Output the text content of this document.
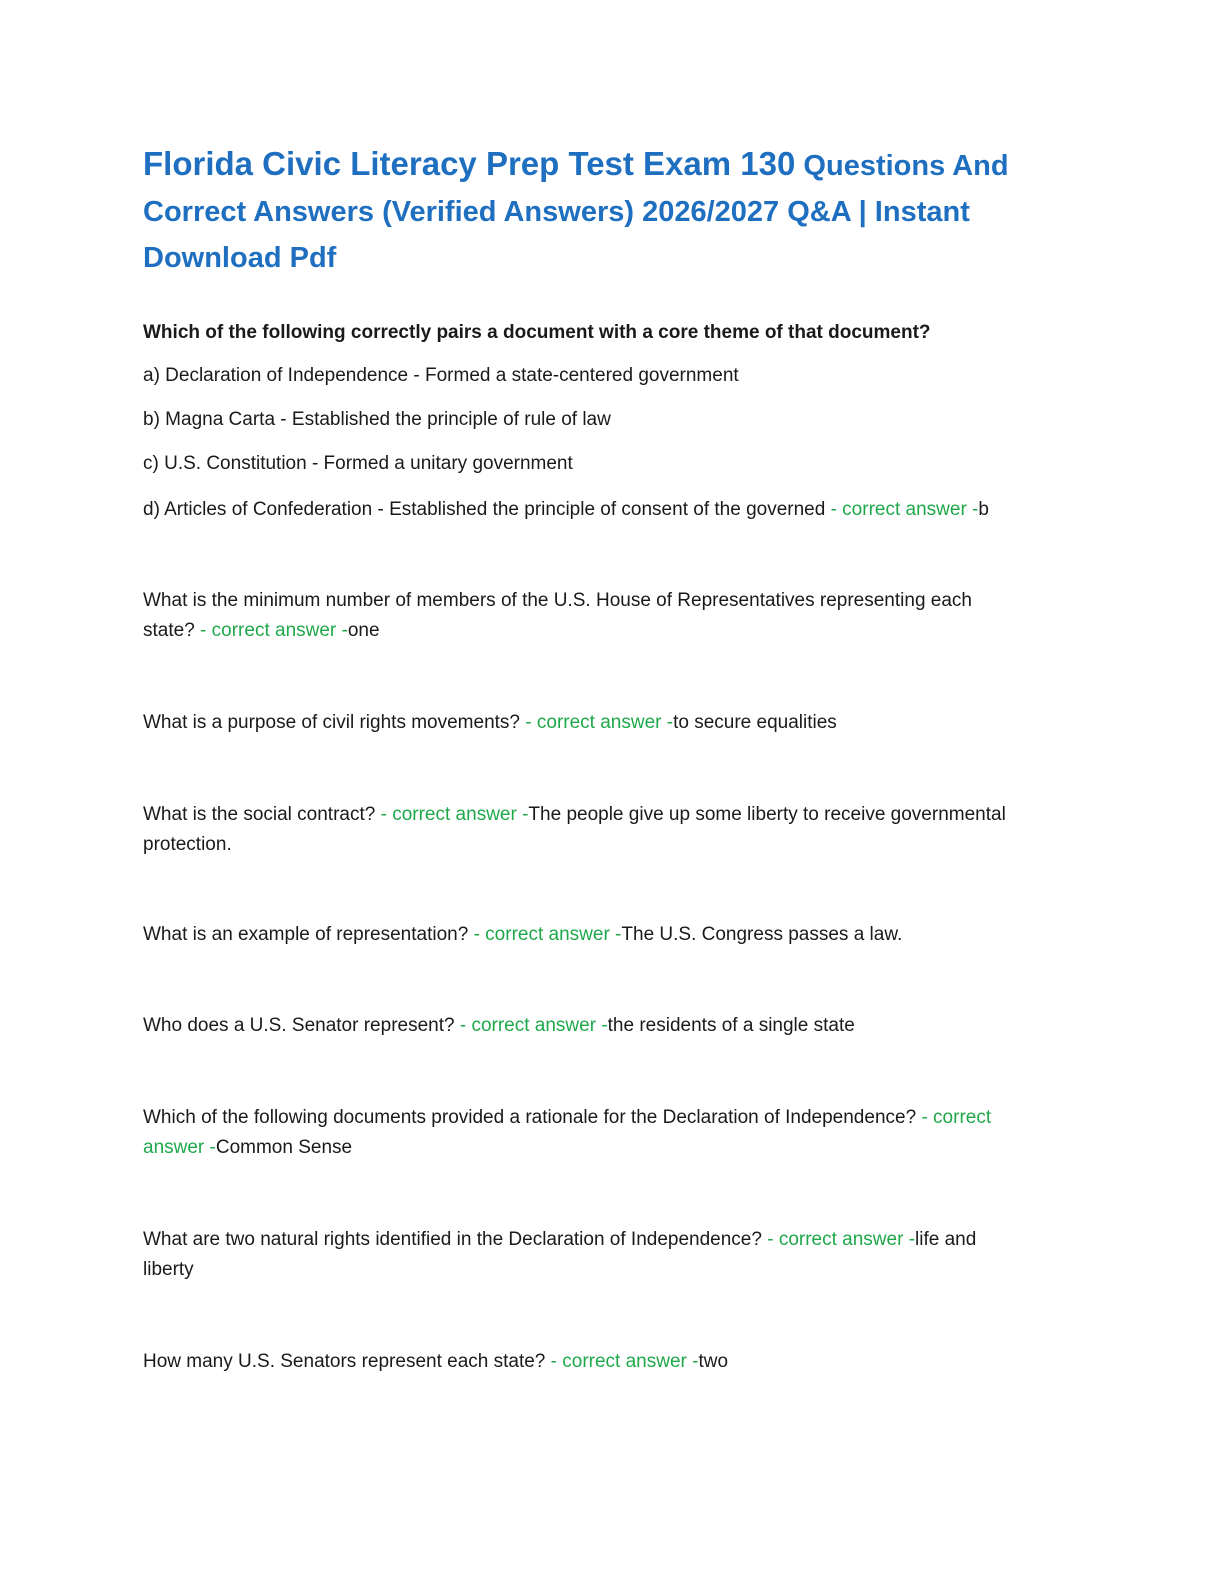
Florida Civic Literacy Prep Test Exam 130 Questions And Correct Answers (Verified Answers) 2026/2027 Q&A | Instant Download Pdf
Which of the following correctly pairs a document with a core theme of that document?
a) Declaration of Independence - Formed a state-centered government
b) Magna Carta - Established the principle of rule of law
c) U.S. Constitution - Formed a unitary government
d) Articles of Confederation - Established the principle of consent of the governed - correct answer -b
What is the minimum number of members of the U.S. House of Representatives representing each
state? - correct answer -one
What is a purpose of civil rights movements? - correct answer -to secure equalities
What is the social contract? - correct answer -The people give up some liberty to receive governmental
protection.
What is an example of representation? - correct answer -The U.S. Congress passes a law.
Who does a U.S. Senator represent? - correct answer -the residents of a single state
Which of the following documents provided a rationale for the Declaration of Independence? - correct
answer -Common Sense
What are two natural rights identified in the Declaration of Independence? - correct answer -life and
liberty
How many U.S. Senators represent each state? - correct answer -two
